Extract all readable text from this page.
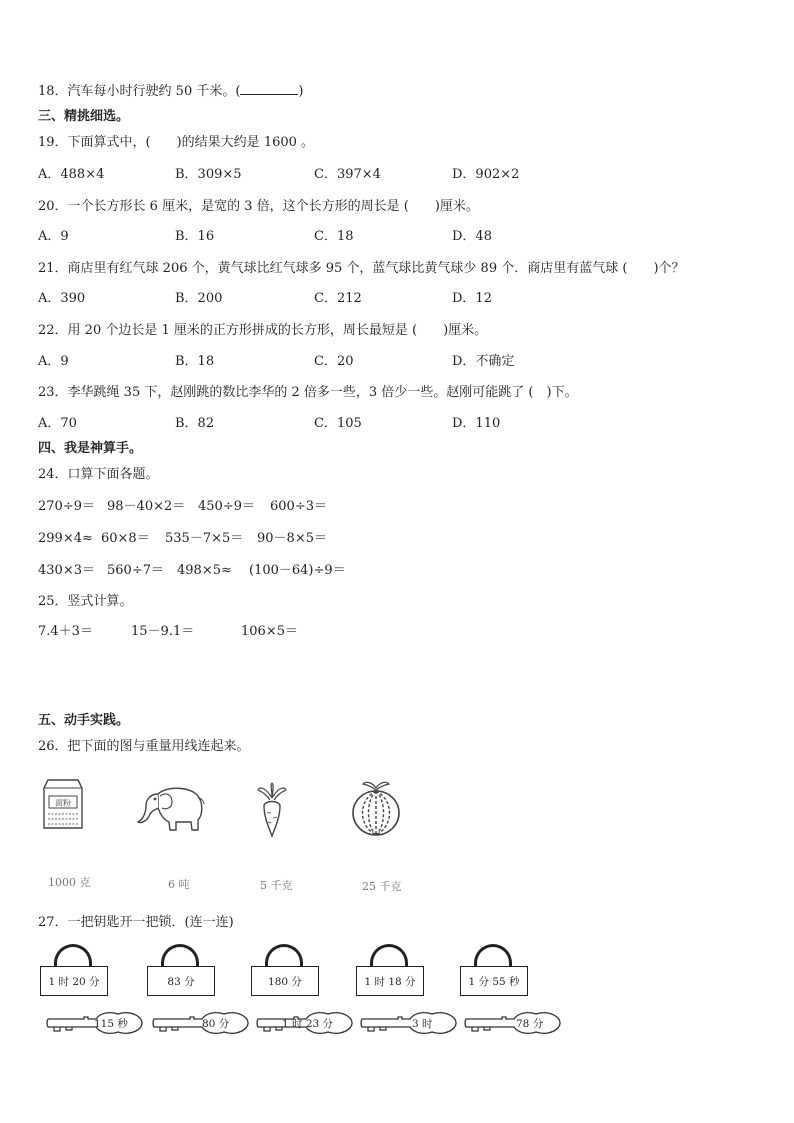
18．汽车每小时行驶约 50 千米。(	)
三、精挑细选。
19．下面算式中，(　　)的结果大约是 1600 。
A．488×4	B．309×5	C．397×4	D．902×2
20．一个长方形长 6 厘米，是宽的 3 倍，这个长方形的周长是 (　　)厘米。
A．9	B．16	C．18	D．48
21．商店里有红气球 206 个，黄气球比红气球多 95 个，蓝气球比黄气球少 89 个．商店里有蓝气球 (　　)个？
A．390	B．200	C．212	D．12
22．用 20 个边长是 1 厘米的正方形拼成的长方形，周长最短是 (　　)厘米。
A．9	B．18	C．20	D．不确定
23．李华跳绳 35 下，赵刚跳的数比李华的 2 倍多一些，3 倍少一些。赵刚可能跳了 (　)下。
A．70	B．82	C．105	D．110
四、我是神算手。
24．口算下面各题。
270÷9＝ 98－40×2＝ 450÷9＝ 600÷3＝
299×4≈ 60×8＝ 535－7×5＝ 90－8×5＝
430×3＝ 560÷7＝ 498×5≈ (100－64)÷9＝
25．竖式计算。
7.4＋3＝	15－9.1＝	106×5＝
五、动手实践。
26．把下面的图与重量用线连起来。
面粉
1000 克	6 吨	5 千克	25 千克
27．一把钥匙开一把锁．(连一连)
1 时 20 分	83 分	180 分	1 时 18 分	1 分 55 秒
115 秒	80 分	1 时 23 分	3 时	78 分
